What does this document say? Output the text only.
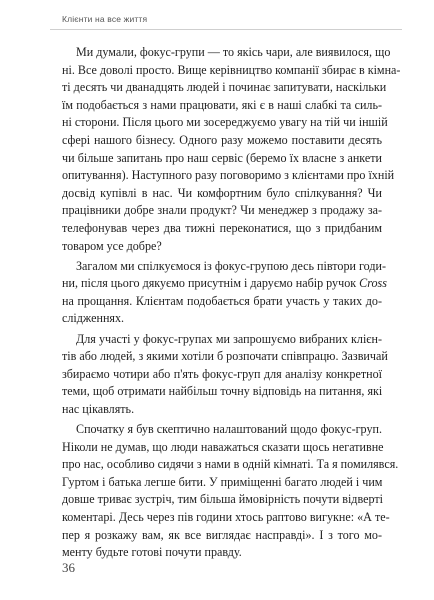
Клієнти на все життя

Ми думали, фокус-групи — то якісь чари, але виявилося, що
ні. Все доволі просто. Вище керівництво компанії збирає в кімна-
ті десять чи дванадцять людей і починає запитувати, наскільки
їм подобається з нами працювати, які є в наші слабкі та силь-
ні сторони. Після цього ми зосереджуємо увагу на тій чи іншій
сфері нашого бізнесу. Одного разу можемо поставити десять
чи більше запитань про наш сервіс (беремо їх власне з анкети
опитування). Наступного разу поговоримо з клієнтами про їхній
досвід купівлі в нас. Чи комфортним було спілкування? Чи
працівники добре знали продукт? Чи менеджер з продажу за-
телефонував через два тижні переконатися, що з придбаним
товаром усе добре?

Загалом ми спілкуємося із фокус-групою десь півтори годи-
ни, після цього дякуємо присутнім і даруємо набір ручок Cross
на прощання. Клієнтам подобається брати участь у таких до-
слідженнях.

Для участі у фокус-групах ми запрошуємо вибраних клієн-
тів або людей, з якими хотіли б розпочати співпрацю. Зазвичай
збираємо чотири або п'ять фокус-груп для аналізу конкретної
теми, щоб отримати найбільш точну відповідь на питання, які
нас цікавлять.

Спочатку я був скептично налаштований щодо фокус-груп.
Ніколи не думав, що люди наважаться сказати щось негативне
про нас, особливо сидячи з нами в одній кімнаті. Та я помилявся.
Гуртом і батька легше бити. У приміщенні багато людей і чим
довше триває зустріч, тим більша ймовірність почути відверті
коментарі. Десь через пів години хтось раптово вигукне: «А те-
пер я розкажу вам, як все виглядає насправді». І з того мо-
менту будьте готові почути правду.

36
